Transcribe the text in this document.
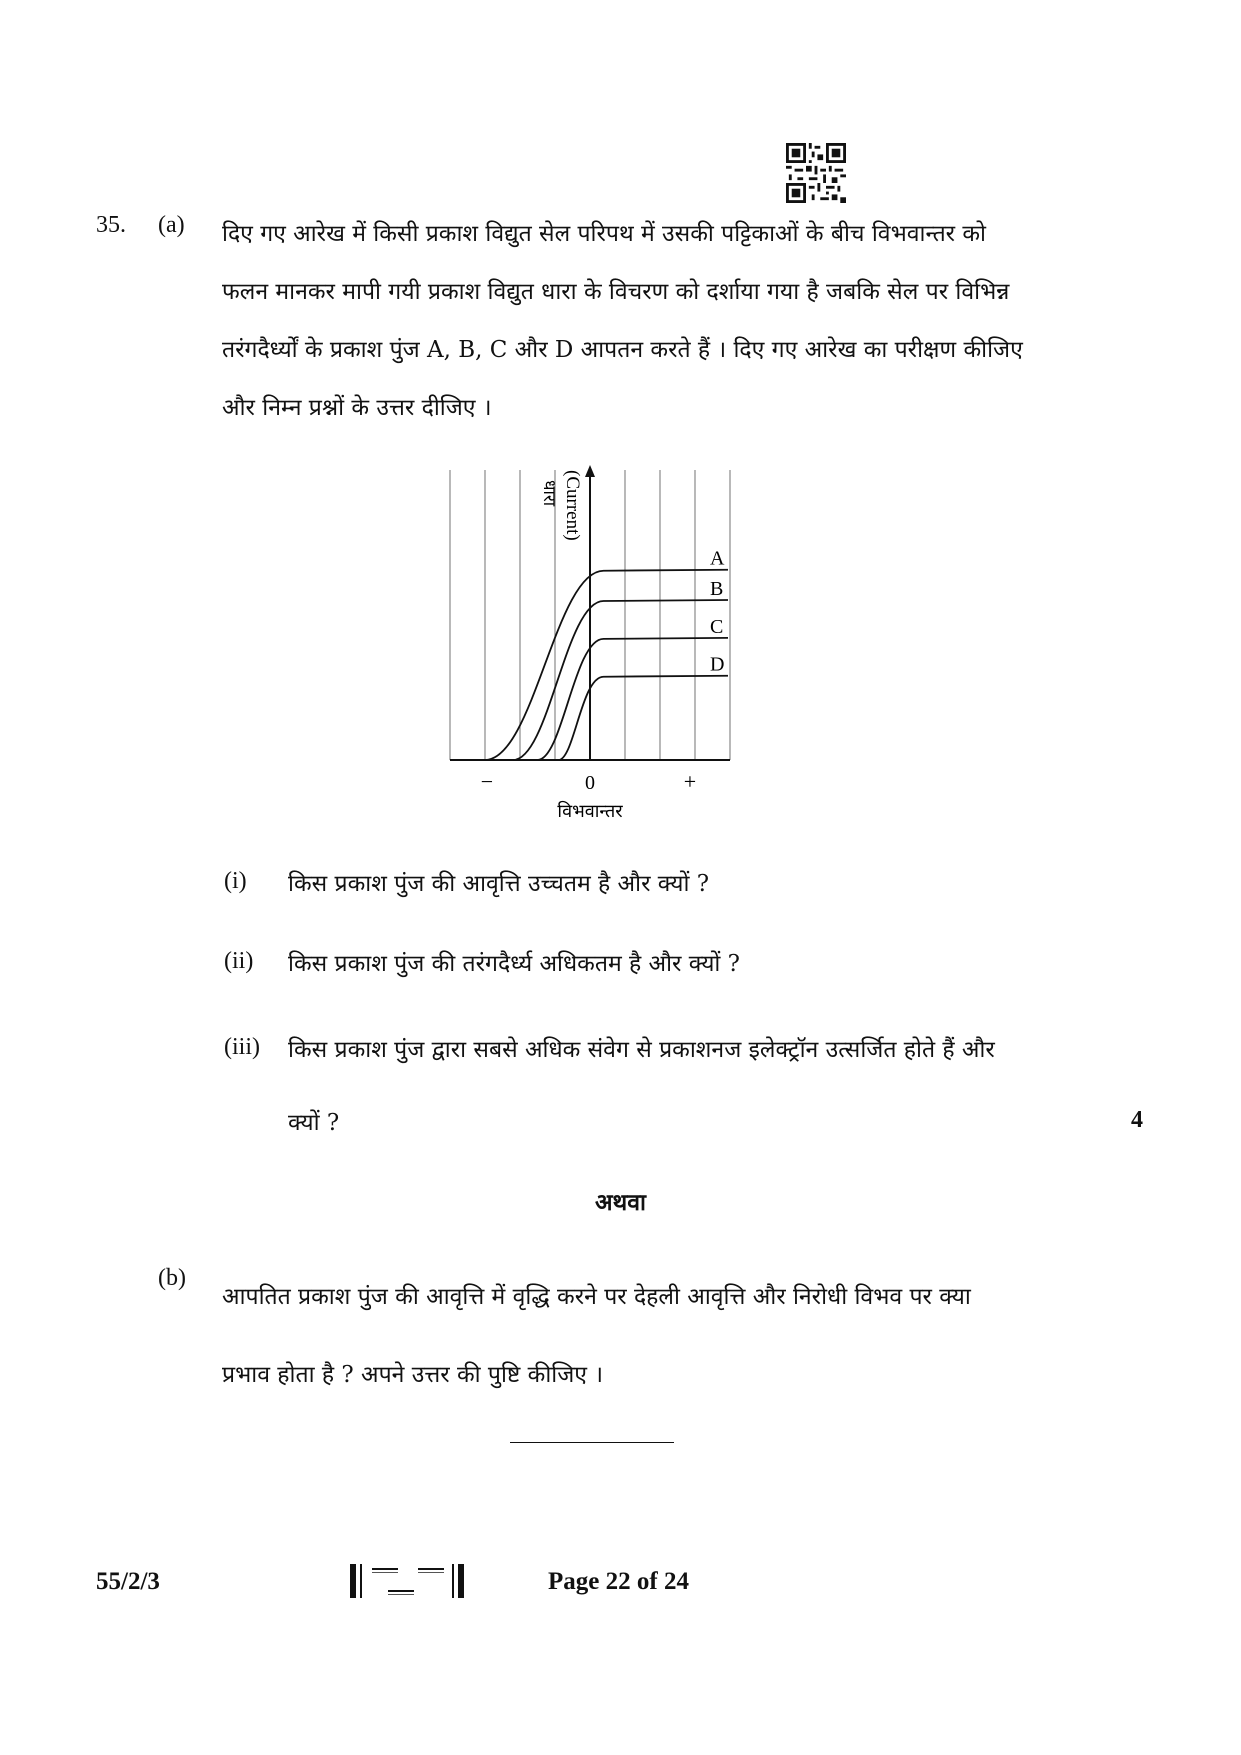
35. (a) दिए गए आरेख में किसी प्रकाश विद्युत सेल परिपथ में उसकी पट्टिकाओं के बीच विभवान्तर को
फलन मानकर मापी गयी प्रकाश विद्युत धारा के विचरण को दर्शाया गया है जबकि सेल पर विभिन्न
तरंगदैर्ध्यों के प्रकाश पुंज A, B, C और D आपतन करते हैं । दिए गए आरेख का परीक्षण कीजिए
और निम्न प्रश्नों के उत्तर दीजिए ।
A
B
C
D
−	0	+
विभवान्तर
धारा (Current)
(i) किस प्रकाश पुंज की आवृत्ति उच्चतम है और क्यों ?
(ii) किस प्रकाश पुंज की तरंगदैर्ध्य अधिकतम है और क्यों ?
(iii) किस प्रकाश पुंज द्वारा सबसे अधिक संवेग से प्रकाशनज इलेक्ट्रॉन उत्सर्जित होते हैं और
क्यों ?	4
अथवा
(b)
आपतित प्रकाश पुंज की आवृत्ति में वृद्धि करने पर देहली आवृत्ति और निरोधी विभव पर क्या
प्रभाव होता है ? अपने उत्तर की पुष्टि कीजिए ।
55/2/3	Page 22 of 24
